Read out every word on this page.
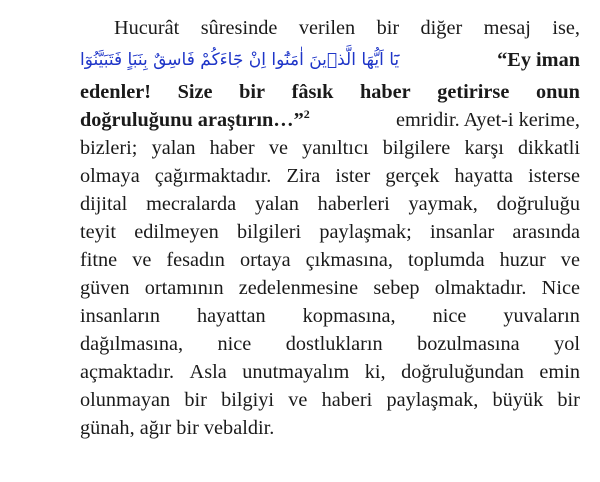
Hucurât sûresinde verilen bir diğer mesaj ise,
يَٓا اَيُّهَا الَّذٖينَ اٰمَنُٓوا اِنْ جَٓاءَكُمْ فَاسِقٌ بِنَبَاٍ فَتَبَيَّنُوٓا	“Ey iman
edenler! Size bir fâsık haber getirirse onun
doğruluğunu araştırın…”$^2$	emridir. Ayet-i kerime,
bizleri; yalan haber ve yanıltıcı bilgilere karşı dikkatli
olmaya çağırmaktadır. Zira ister gerçek hayatta isterse
dijital mecralarda yalan haberleri yaymak, doğruluğu
teyit edilmeyen bilgileri paylaşmak; insanlar arasında
fitne ve fesadın ortaya çıkmasına, toplumda huzur ve
güven ortamının zedelenmesine sebep olmaktadır. Nice
insanların hayattan kopmasına, nice yuvaların
dağılmasına, nice dostlukların bozulmasına yol
açmaktadır. Asla unutmayalım ki, doğruluğundan emin
olunmayan bir bilgiyi ve haberi paylaşmak, büyük bir
günah, ağır bir vebaldir.
